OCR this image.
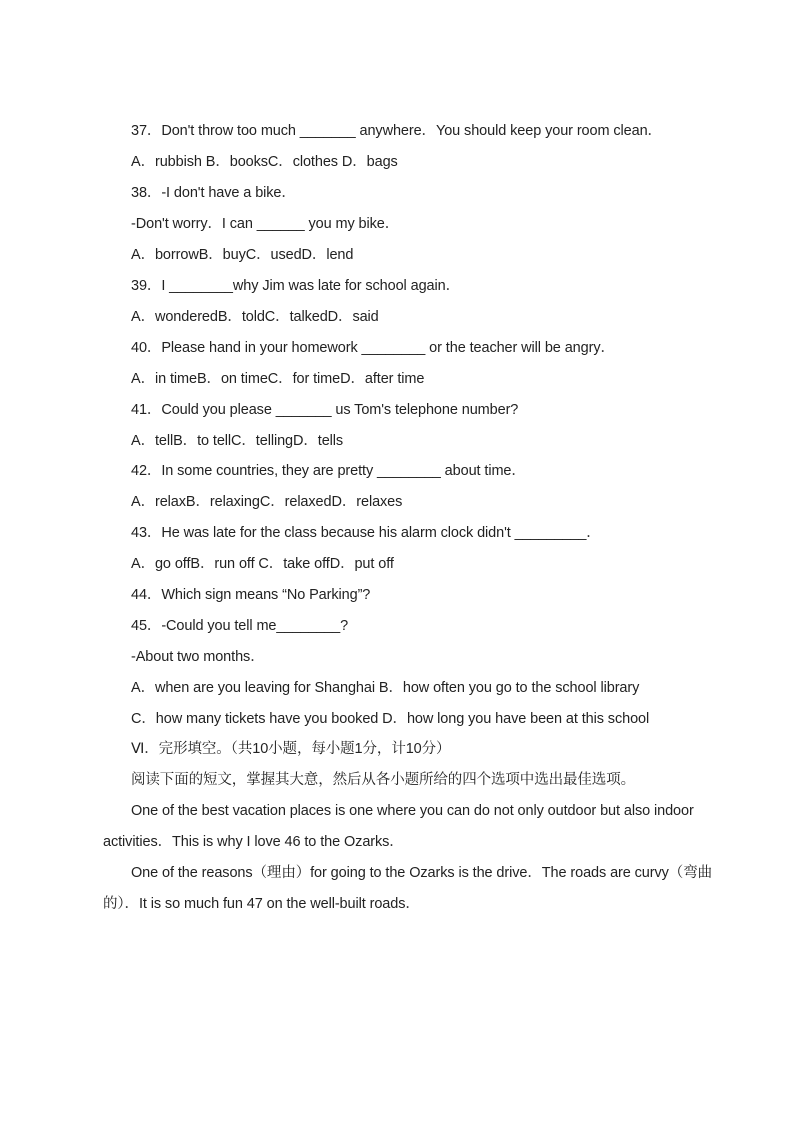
37．Don't throw too much _______ anywhere．You should keep your room clean．
A．rubbish B．booksC．clothes D．bags
38．-I don't have a bike．
-Don't worry．I can ______ you my bike．
A．borrowB．buyC．usedD．lend
39．I ________why Jim was late for school again．
A．wonderedB．toldC．talkedD．said
40．Please hand in your homework ________ or the teacher will be angry．
A．in timeB．on timeC．for timeD．after time
41．Could you please _______ us Tom's telephone number?
A．tellB．to tellC．tellingD．tells
42．In some countries, they are pretty ________ about time．
A．relaxB．relaxingC．relaxedD．relaxes
43．He was late for the class because his alarm clock didn't _________．
A．go offB．run off C．take offD．put off
44．Which sign means “No Parking”?
45．-Could you tell me________?
-About two months．
A．when are you leaving for Shanghai B．how often you go to the school library
C．how many tickets have you booked D．how long you have been at this school
Ⅵ．完形填空。（共10小题，每小题1分，计10分）
阅读下面的短文，掌握其大意，然后从各小题所给的四个选项中选出最佳选项。
One of the best vacation places is one where you can do not only outdoor but also indoor
activities．This is why I love 46 to the Ozarks．
One of the reasons（理由）for going to the Ozarks is the drive．The roads are curvy（弯曲
的）．It is so much fun 47 on the well-built roads．
